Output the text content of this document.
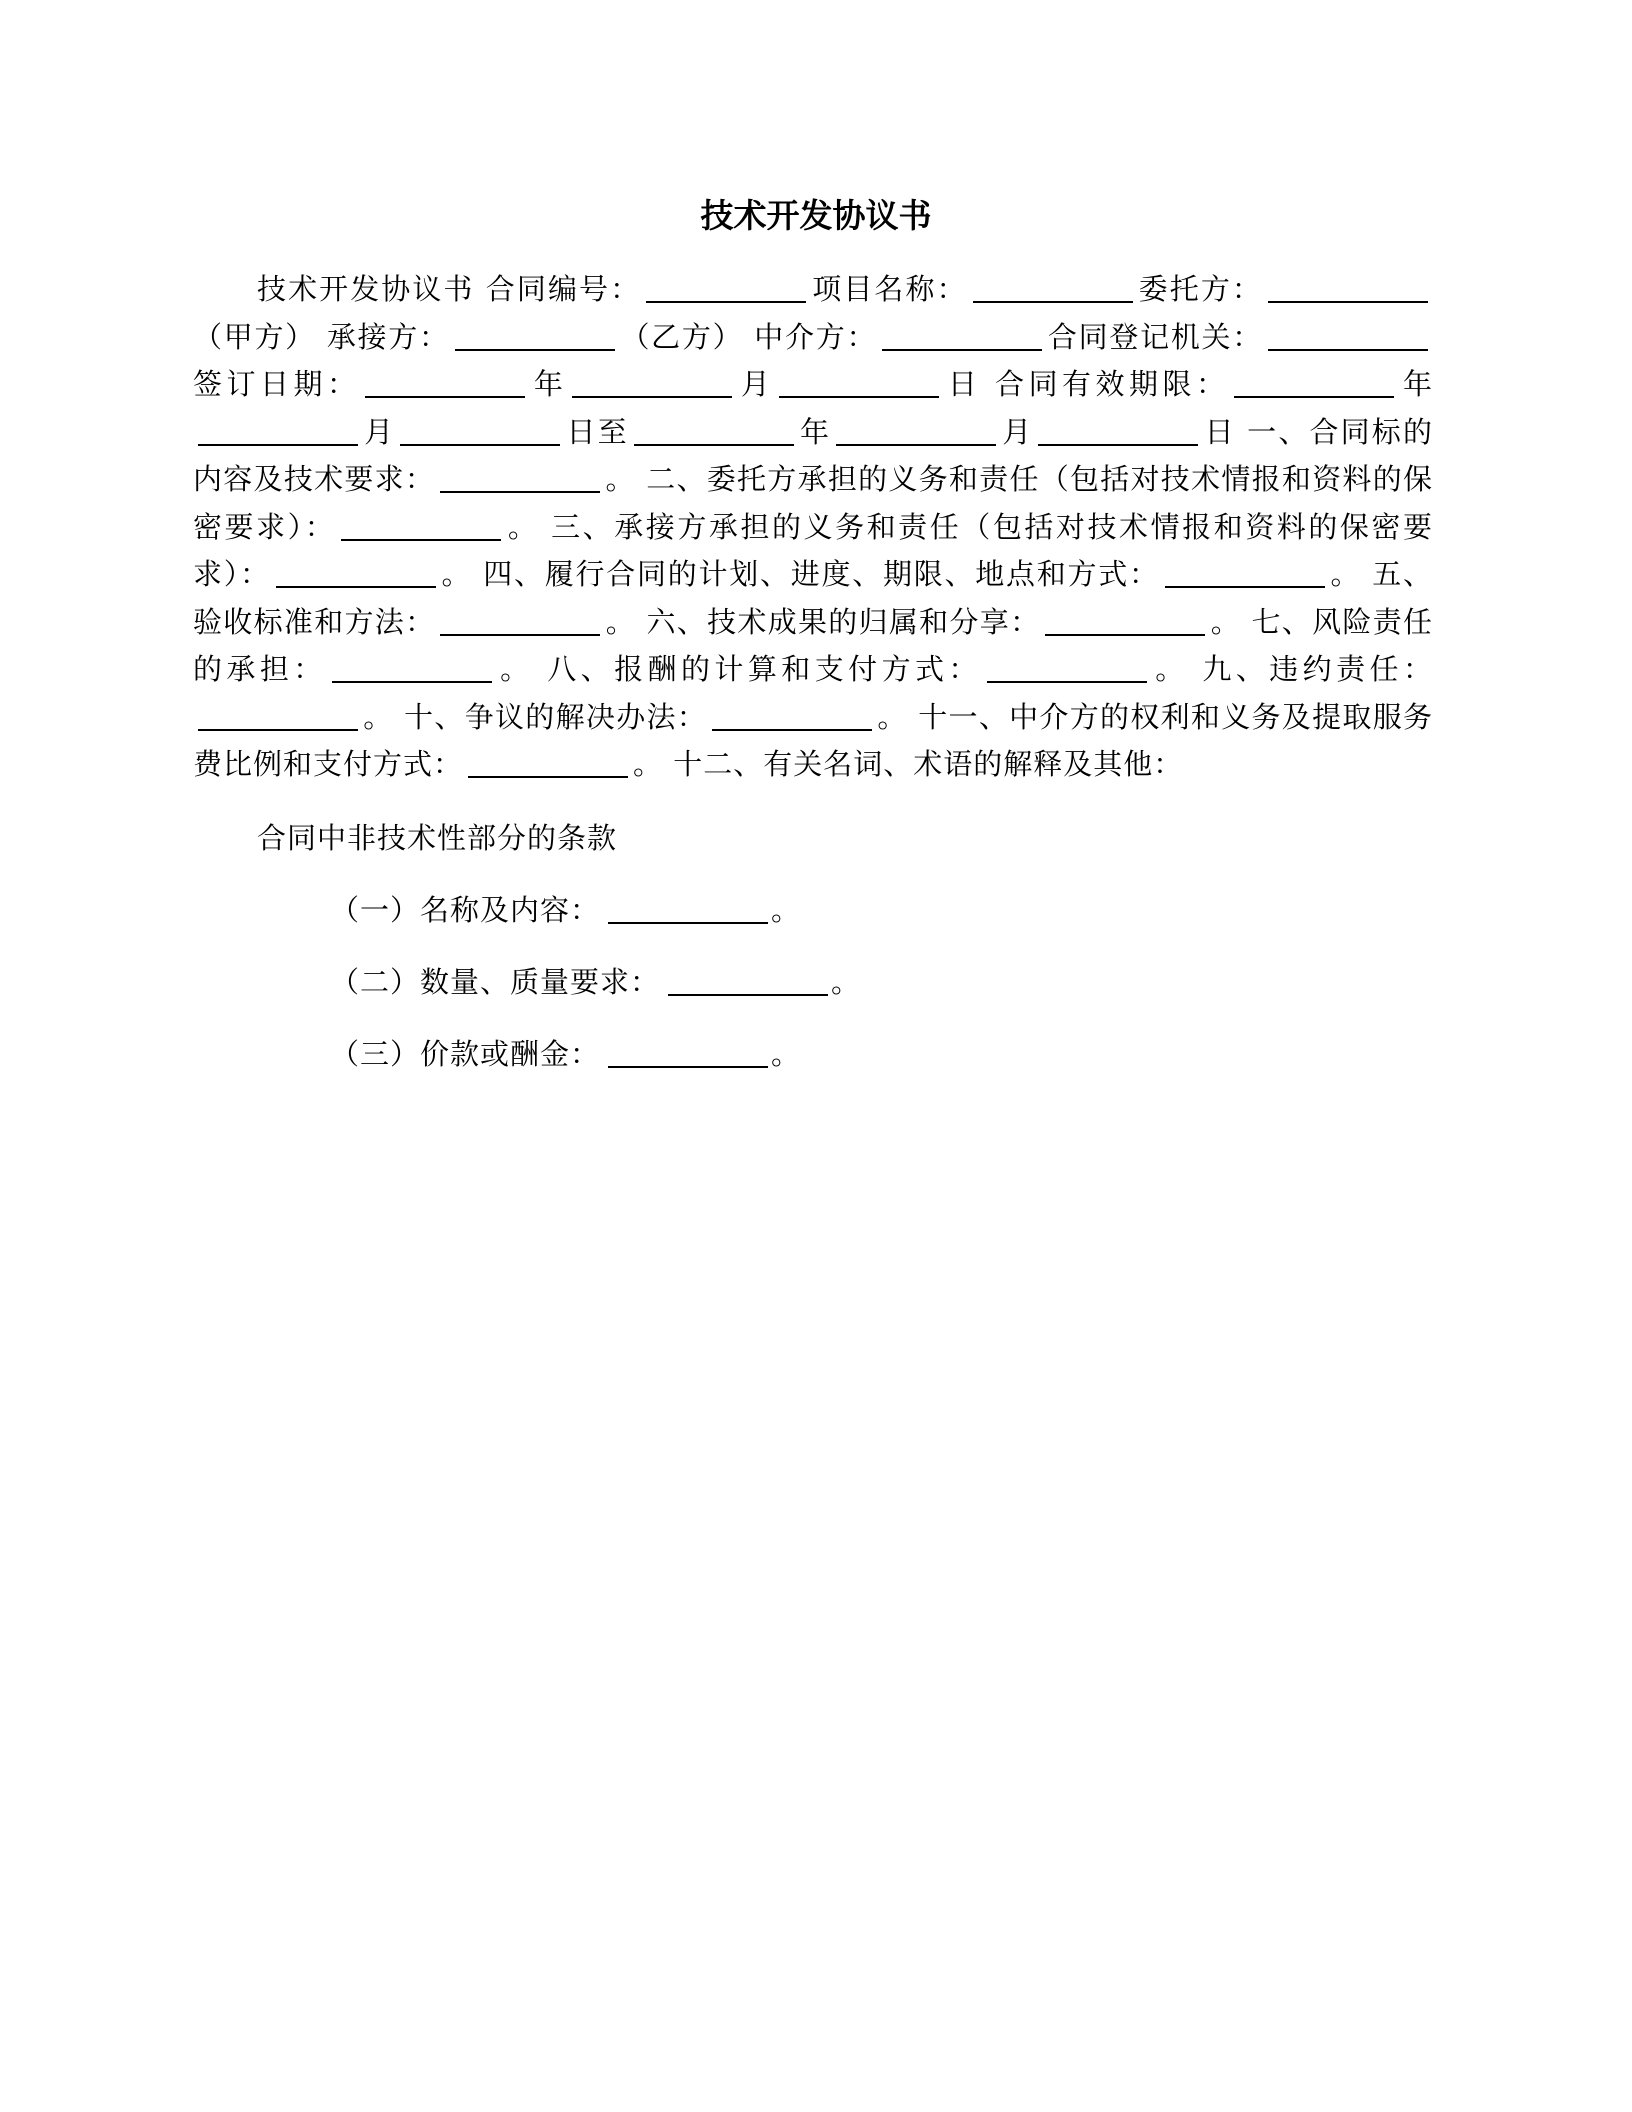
技术开发协议书

技术开发协议书 合同编号：	项目名称：	委托方：（甲方） 承接方：	（乙方） 中介方：	合同登记机关：签订日期：	年	月	日 合同有效期限：	年月	日至	年	月	日 一、合同标的内容及技术要求：	。 二、委托方承担的义务和责任（包括对技术情报和资料的保密要求）：	。 三、承接方承担的义务和责任（包括对技术情报和资料的保密要求）：	。 四、履行合同的计划、进度、期限、地点和方式：	。 五、验收标准和方法：	。 六、技术成果的归属和分享：	。 七、风险责任的承担：	。 八、报酬的计算和支付方式：	。 九、违约责任：。 十、争议的解决办法：	。 十一、中介方的权利和义务及提取服务费比例和支付方式：	。 十二、有关名词、术语的解释及其他：

合同中非技术性部分的条款

（一）名称及内容：	。

（二）数量、质量要求：	。

（三）价款或酬金：	。
